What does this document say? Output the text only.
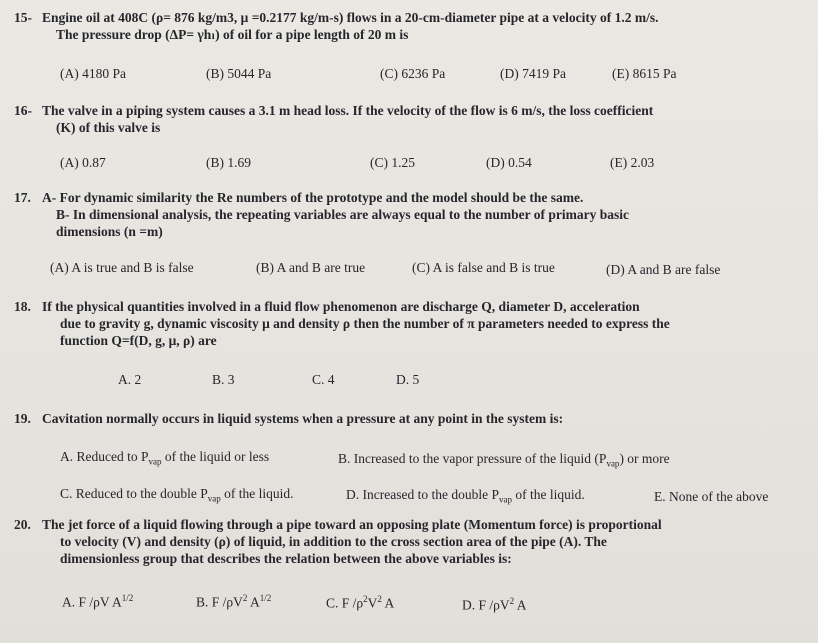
15- Engine oil at 408C (ρ= 876 kg/m3, μ =0.2177 kg/m-s) flows in a 20-cm-diameter pipe at a velocity of 1.2 m/s.
The pressure drop (ΔP= γhₗ) of oil for a pipe length of 20 m is
(A) 4180 Pa	(B) 5044 Pa	(C) 6236 Pa	(D) 7419 Pa	(E) 8615 Pa
16- The valve in a piping system causes a 3.1 m head loss. If the velocity of the flow is 6 m/s, the loss coefficient
(K) of this valve is
(A) 0.87	(B) 1.69	(C) 1.25	(D) 0.54	(E) 2.03
17. A- For dynamic similarity the Re numbers of the prototype and the model should be the same.
B- In dimensional analysis, the repeating variables are always equal to the number of primary basic
dimensions (n =m)
(A) A is true and B is false	(B) A and B are true	(C) A is false and B is true	(D) A and B are false
18. If the physical quantities involved in a fluid flow phenomenon are discharge Q, diameter D, acceleration
due to gravity g, dynamic viscosity μ and density ρ then the number of π parameters needed to express the
function Q=f(D, g, μ, ρ) are
A. 2	B. 3	C. 4	D. 5
19. Cavitation normally occurs in liquid systems when a pressure at any point in the system is:
A. Reduced to $P_{vap}$ of the liquid or less	B. Increased to the vapor pressure of the liquid $(P_{vap})$ or more
C. Reduced to the double $P_{vap}$ of the liquid.	D. Increased to the double $P_{vap}$ of the liquid.	E. None of the above
20. The jet force of a liquid flowing through a pipe toward an opposing plate (Momentum force) is proportional
to velocity (V) and density (ρ) of liquid, in addition to the cross section area of the pipe (A). The
dimensionless group that describes the relation between the above variables is:
A. F /ρV $A^{1/2}$	B. F $/\rho V^2$ $A^{1/2}$	C. F $/\rho^2V^2$ A	D. F $/\rho V^2$ A
